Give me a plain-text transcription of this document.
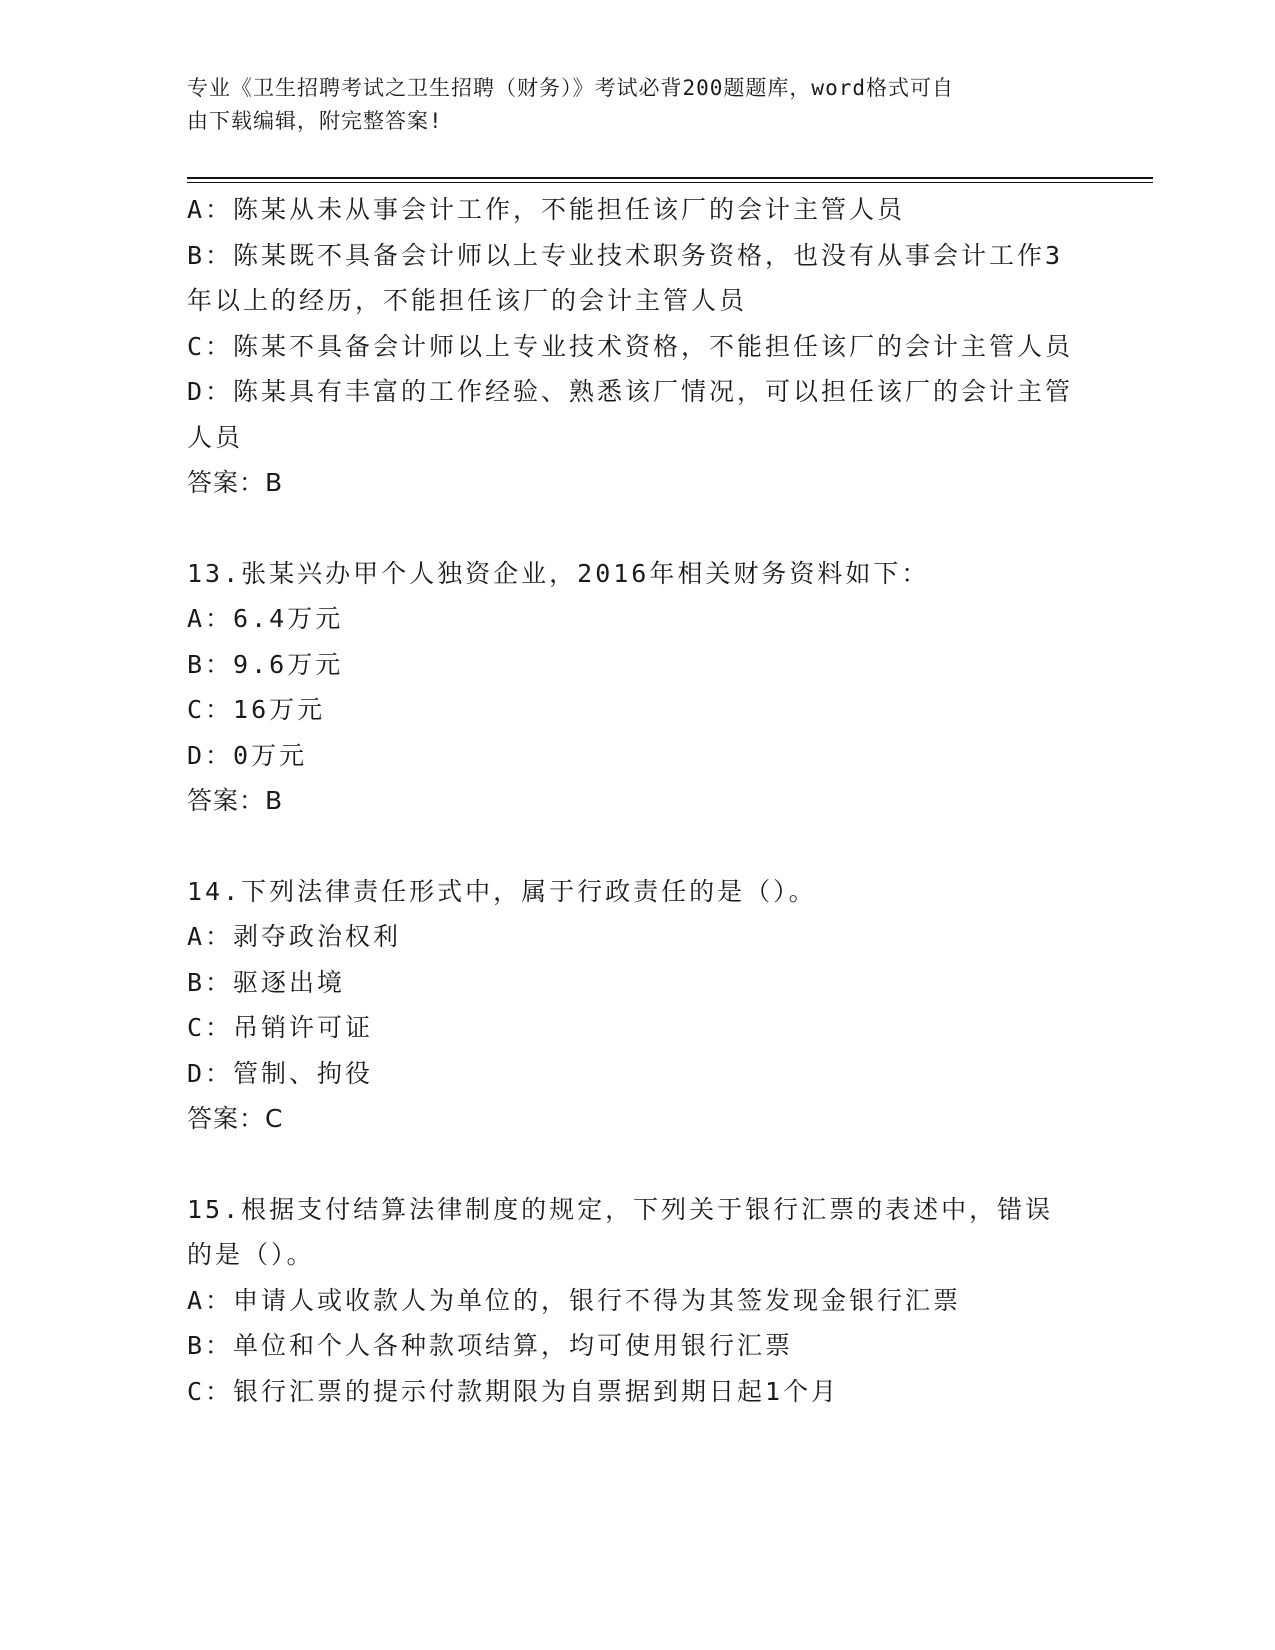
专业《卫生招聘考试之卫生招聘（财务）》考试必背200题题库，word格式可自
由下载编辑，附完整答案!
A：陈某从未从事会计工作，不能担任该厂的会计主管人员
B：陈某既不具备会计师以上专业技术职务资格，也没有从事会计工作3年以上的经历，不能担任该厂的会计主管人员
C：陈某不具备会计师以上专业技术资格，不能担任该厂的会计主管人员
D：陈某具有丰富的工作经验、熟悉该厂情况，可以担任该厂的会计主管人员
答案：B
13.张某兴办甲个人独资企业，2016年相关财务资料如下：
A：6.4万元
B：9.6万元
C：16万元
D：0万元
答案：B
14.下列法律责任形式中，属于行政责任的是（）。
A：剥夺政治权利
B：驱逐出境
C：吊销许可证
D：管制、拘役
答案：C
15.根据支付结算法律制度的规定，下列关于银行汇票的表述中，错误的是（）。
A：申请人或收款人为单位的，银行不得为其签发现金银行汇票
B：单位和个人各种款项结算，均可使用银行汇票
C：银行汇票的提示付款期限为自票据到期日起1个月
